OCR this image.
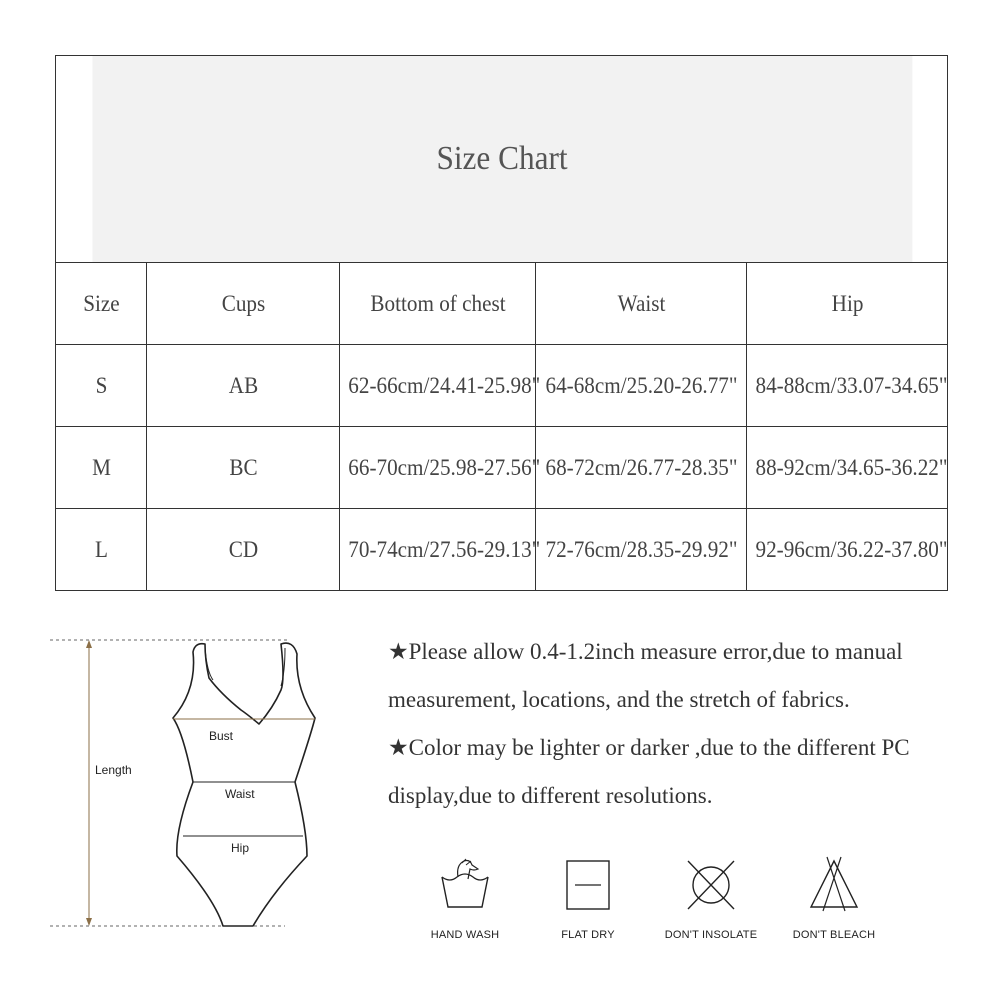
Size Chart				
Size	Cups	Bottom of chest	Waist	Hip
S	AB	62-66cm/24.41-25.98"	64-68cm/25.20-26.77"	84-88cm/33.07-34.65"
M	BC	66-70cm/25.98-27.56"	68-72cm/26.77-28.35"	88-92cm/34.65-36.22"
L	CD	70-74cm/27.56-29.13"	72-76cm/28.35-29.92"	92-96cm/36.22-37.80"
Length
Bust
Waist
Hip

★Please allow 0.4-1.2inch measure error,due to manual measurement, locations, and the stretch of fabrics.

★Color may be lighter or darker ,due to the different PC display,due to different resolutions.

HAND WASH	FLAT DRY	DON'T INSOLATE	DON'T BLEACH
